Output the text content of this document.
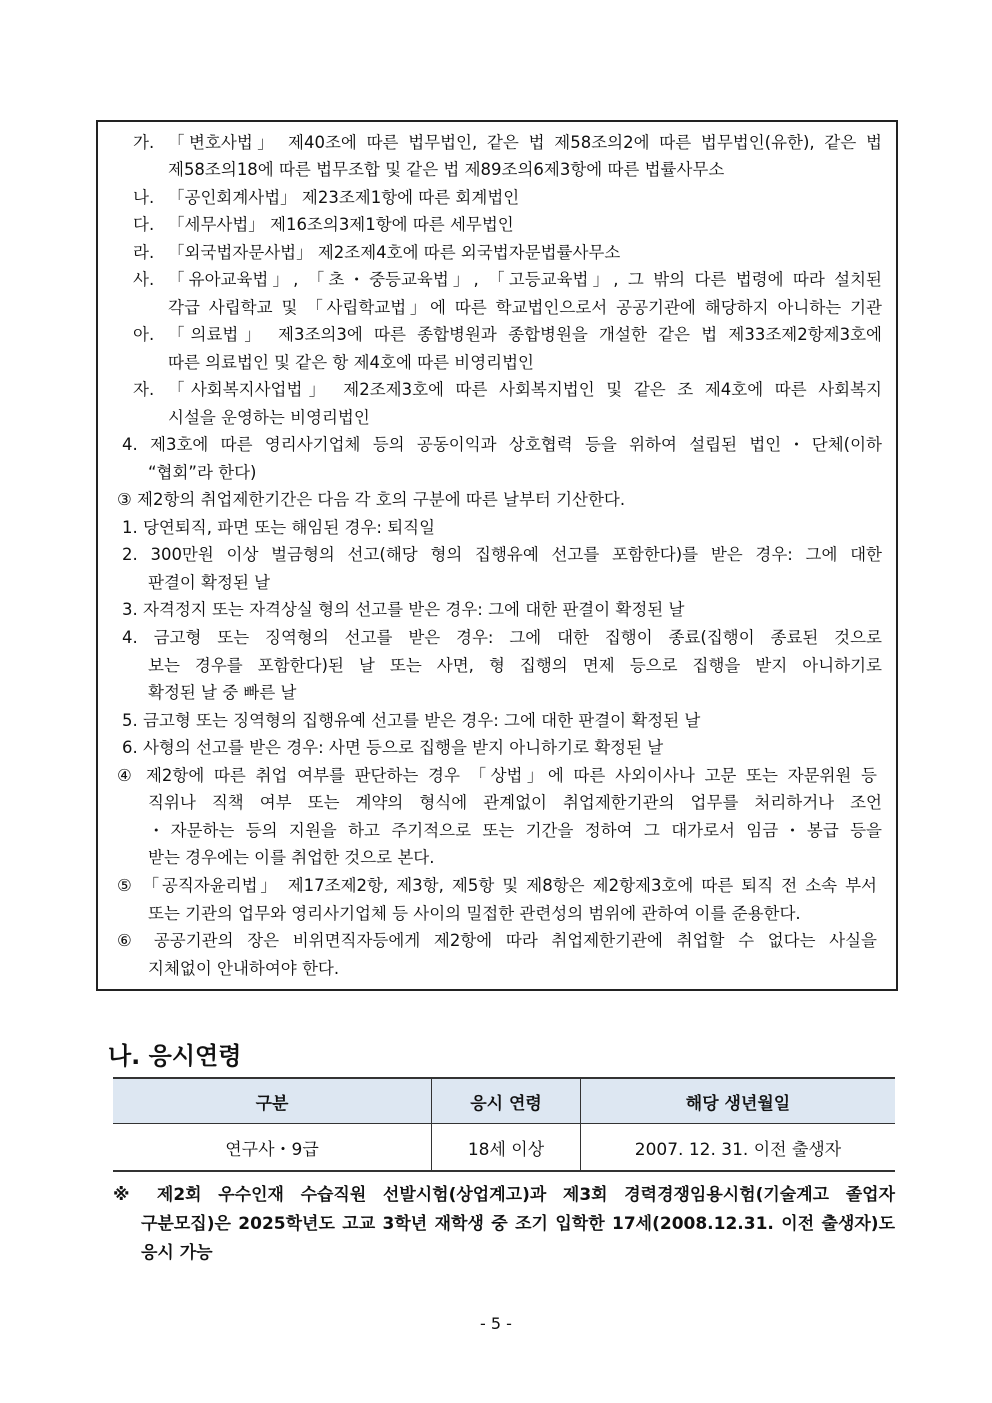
가. 「변호사법」 제40조에 따른 법무법인, 같은 법 제58조의2에 따른 법무법인(유한), 같은 법
제58조의18에 따른 법무조합 및 같은 법 제89조의6제3항에 따른 법률사무소
나. 「공인회계사법」 제23조제1항에 따른 회계법인
다. 「세무사법」 제16조의3제1항에 따른 세무법인
라. 「외국법자문사법」 제2조제4호에 따른 외국법자문법률사무소
사. 「유아교육법」, 「초・중등교육법」, 「고등교육법」, 그 밖의 다른 법령에 따라 설치된
각급 사립학교 및 「사립학교법」에 따른 학교법인으로서 공공기관에 해당하지 아니하는 기관
아. 「의료법」 제3조의3에 따른 종합병원과 종합병원을 개설한 같은 법 제33조제2항제3호에
따른 의료법인 및 같은 항 제4호에 따른 비영리법인
자. 「사회복지사업법」 제2조제3호에 따른 사회복지법인 및 같은 조 제4호에 따른 사회복지
시설을 운영하는 비영리법인
4. 제3호에 따른 영리사기업체 등의 공동이익과 상호협력 등을 위하여 설립된 법인・단체(이하
“협회”라 한다)
③ 제2항의 취업제한기간은 다음 각 호의 구분에 따른 날부터 기산한다.
1. 당연퇴직, 파면 또는 해임된 경우: 퇴직일
2. 300만원 이상 벌금형의 선고(해당 형의 집행유예 선고를 포함한다)를 받은 경우: 그에 대한
판결이 확정된 날
3. 자격정지 또는 자격상실 형의 선고를 받은 경우: 그에 대한 판결이 확정된 날
4. 금고형 또는 징역형의 선고를 받은 경우: 그에 대한 집행이 종료(집행이 종료된 것으로
보는 경우를 포함한다)된 날 또는 사면, 형 집행의 면제 등으로 집행을 받지 아니하기로
확정된 날 중 빠른 날
5. 금고형 또는 징역형의 집행유예 선고를 받은 경우: 그에 대한 판결이 확정된 날
6. 사형의 선고를 받은 경우: 사면 등으로 집행을 받지 아니하기로 확정된 날
④ 제2항에 따른 취업 여부를 판단하는 경우 「상법」에 따른 사외이사나 고문 또는 자문위원 등
직위나 직책 여부 또는 계약의 형식에 관계없이 취업제한기관의 업무를 처리하거나 조언
・자문하는 등의 지원을 하고 주기적으로 또는 기간을 정하여 그 대가로서 임금・봉급 등을
받는 경우에는 이를 취업한 것으로 본다.
⑤ 「공직자윤리법」 제17조제2항, 제3항, 제5항 및 제8항은 제2항제3호에 따른 퇴직 전 소속 부서
또는 기관의 업무와 영리사기업체 등 사이의 밀접한 관련성의 범위에 관하여 이를 준용한다.
⑥ 공공기관의 장은 비위면직자등에게 제2항에 따라 취업제한기관에 취업할 수 없다는 사실을
지체없이 안내하여야 한다.
나. 응시연령
구분	응시 연령	해당 생년월일
연구사・9급	18세 이상	2007. 12. 31. 이전 출생자
※ 제2회 우수인재 수습직원 선발시험(상업계고)과 제3회 경력경쟁임용시험(기술계고 졸업자
구분모집)은 2025학년도 고교 3학년 재학생 중 조기 입학한 17세(2008.12.31. 이전 출생자)도
응시 가능
- 5 -
